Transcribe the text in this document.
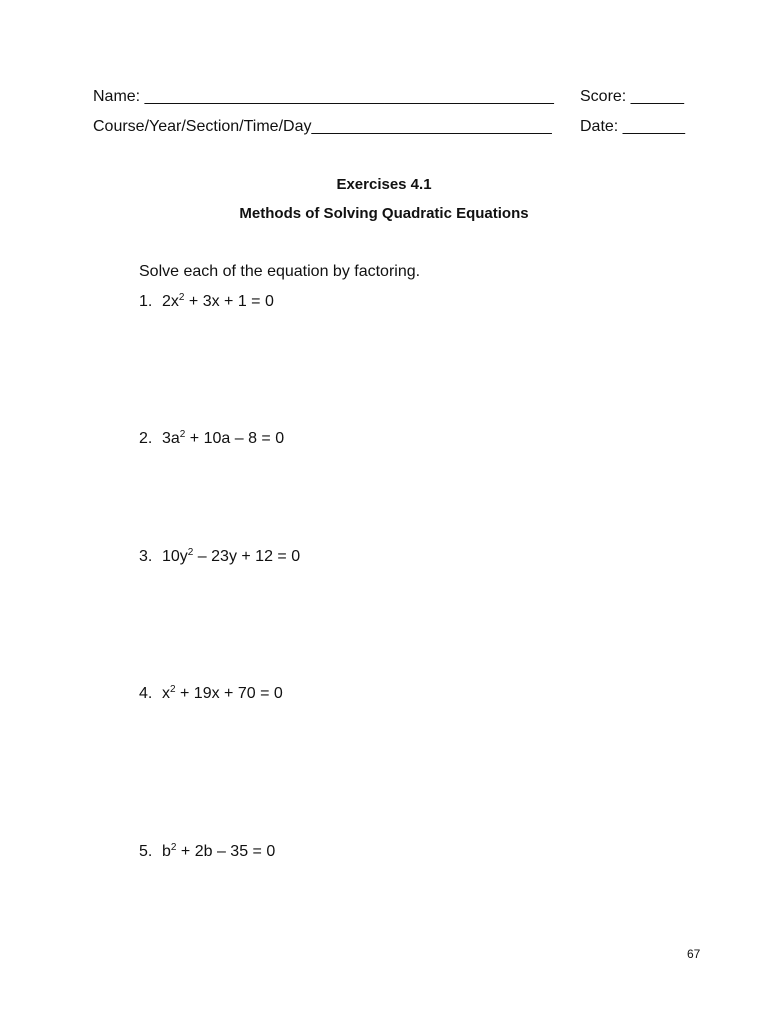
Name: ______________________________________________ Score: ______
Course/Year/Section/Time/Day___________________________ Date: _______
Exercises 4.1
Methods of Solving Quadratic Equations
Solve each of the equation by factoring.
1. $2x^2 + 3x + 1 = 0$
2. $3a^2 + 10a - 8 = 0$
3. $10y^2 - 23y + 12 = 0$
4. $x^2 + 19x + 70 = 0$
5. $b^2 + 2b - 35 = 0$
67
